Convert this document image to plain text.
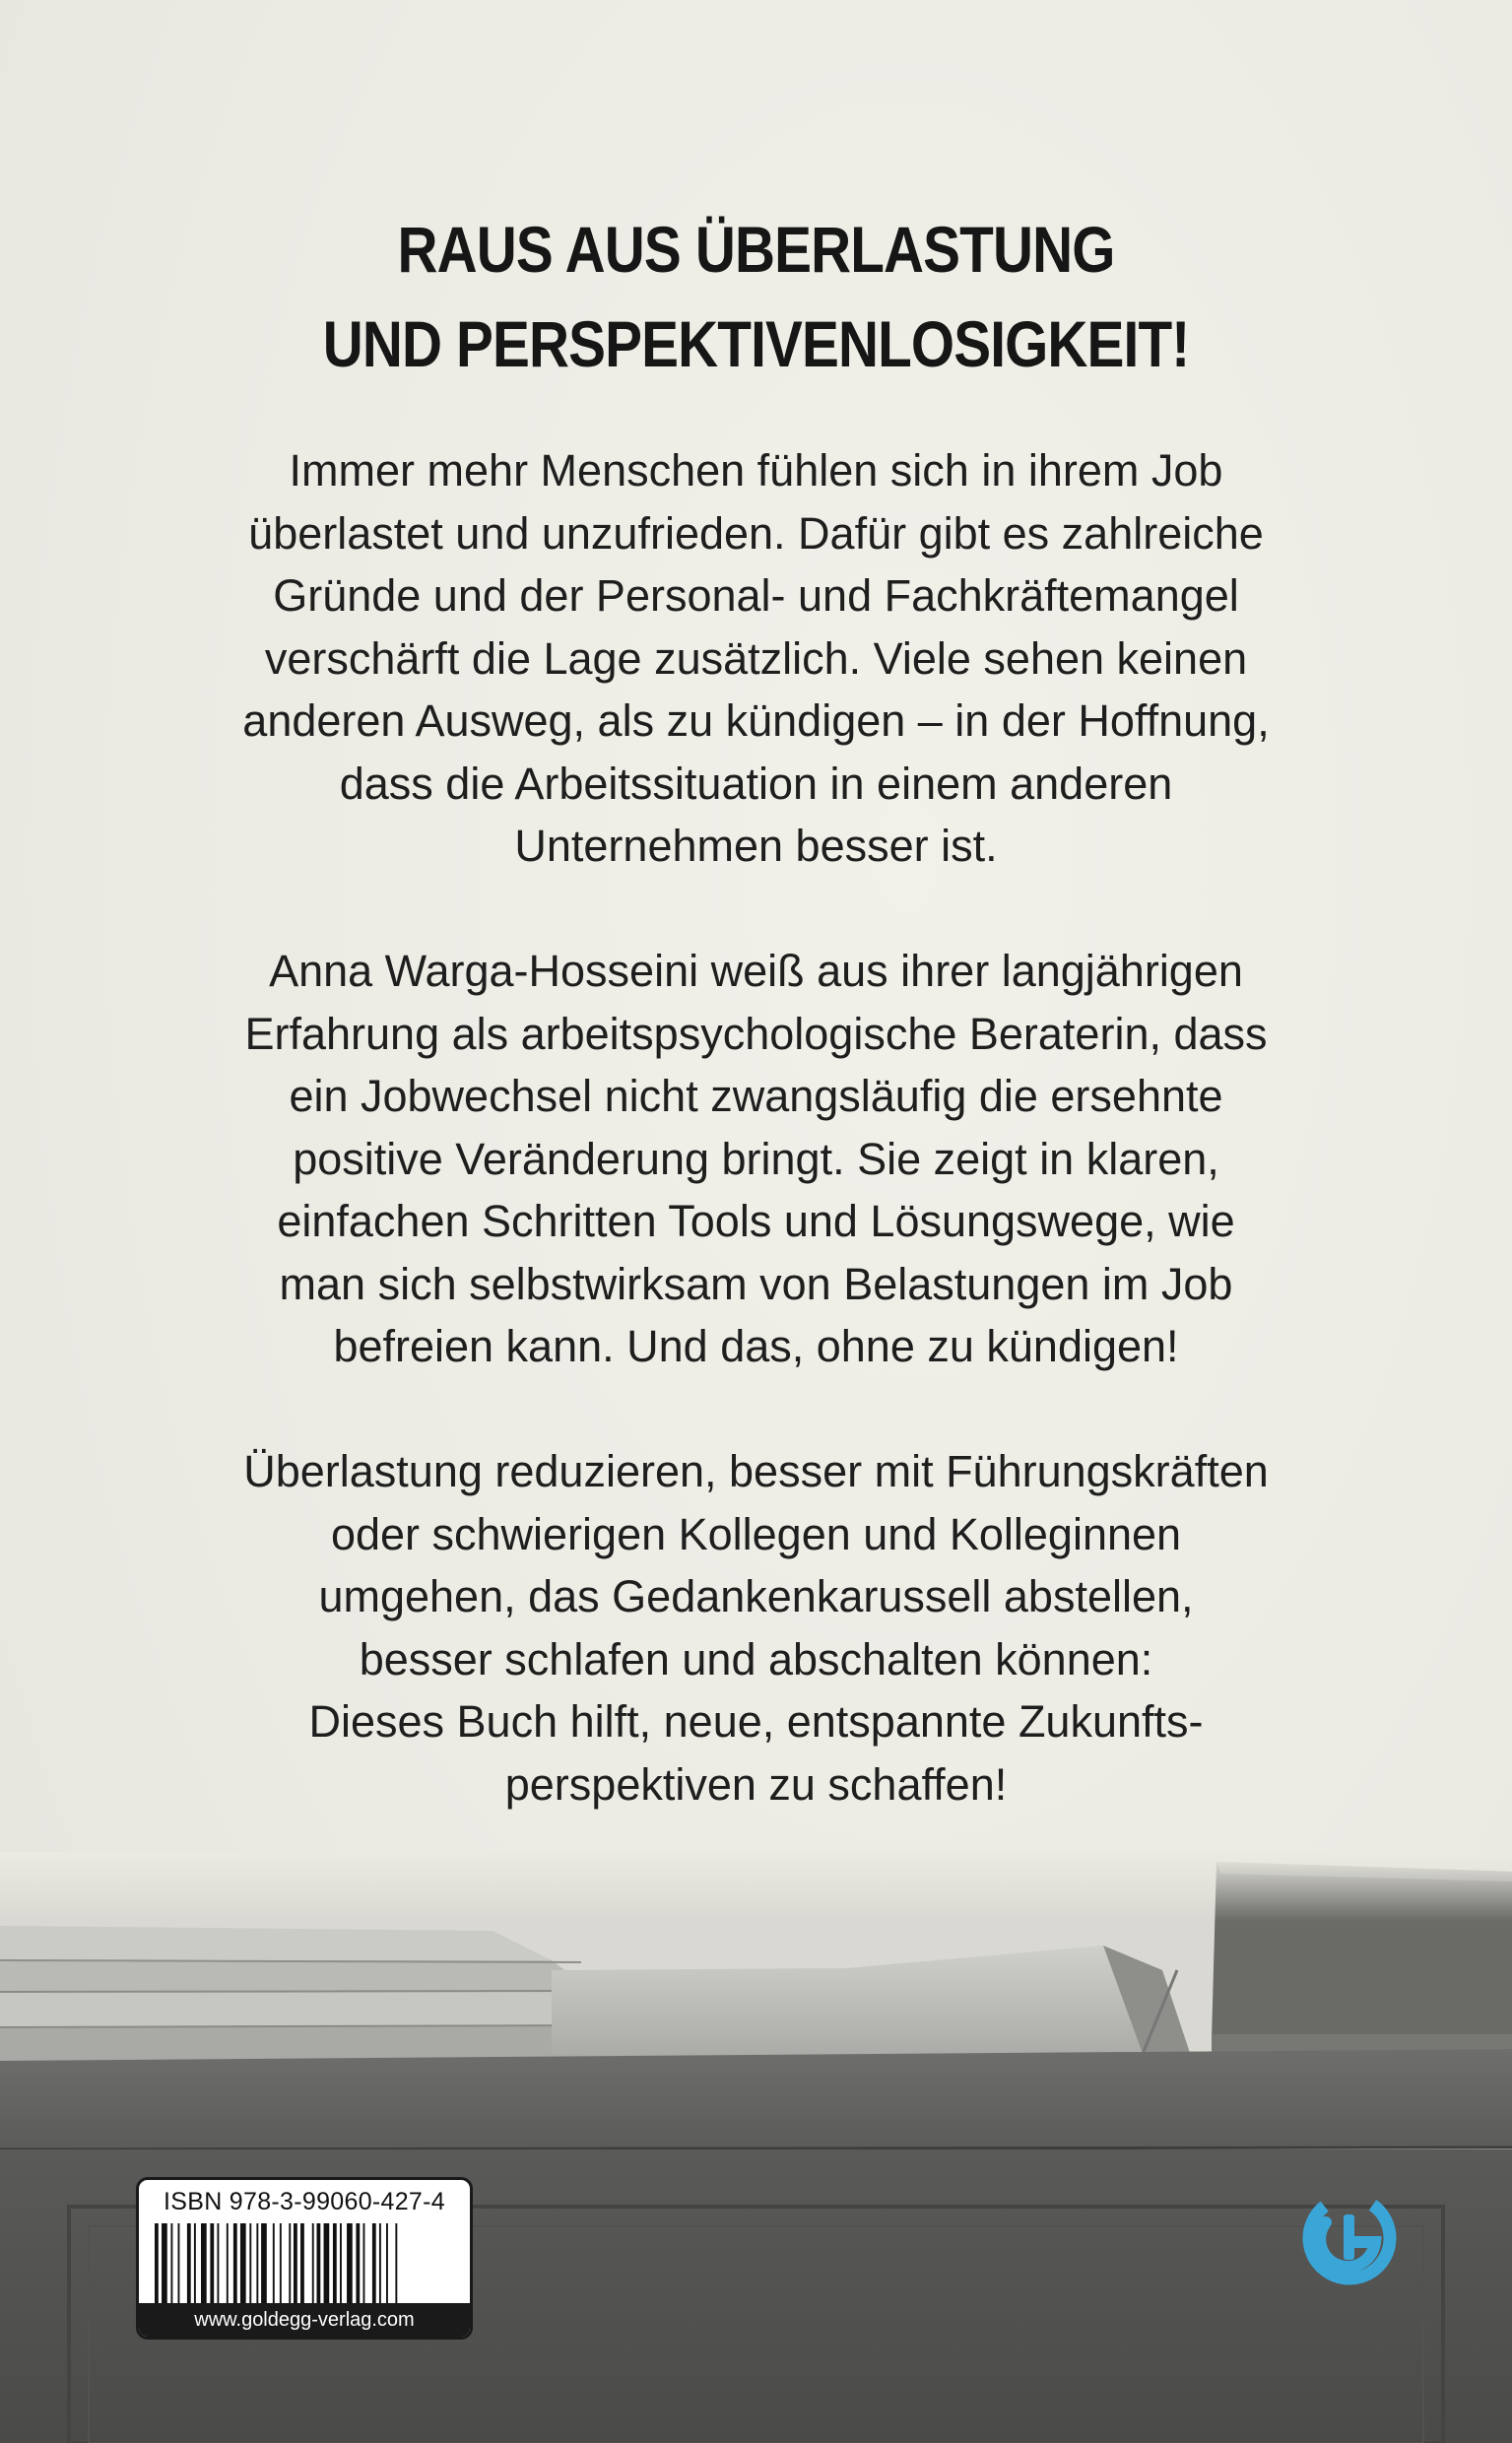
RAUS AUS ÜBERLASTUNG
UND PERSPEKTIVENLOSIGKEIT!

Immer mehr Menschen fühlen sich in ihrem Job
überlastet und unzufrieden. Dafür gibt es zahlreiche
Gründe und der Personal- und Fachkräftemangel
verschärft die Lage zusätzlich. Viele sehen keinen
anderen Ausweg, als zu kündigen – in der Hoffnung,
dass die Arbeitssituation in einem anderen
Unternehmen besser ist.

Anna Warga-Hosseini weiß aus ihrer langjährigen
Erfahrung als arbeitspsychologische Beraterin, dass
ein Jobwechsel nicht zwangsläufig die ersehnte
positive Veränderung bringt. Sie zeigt in klaren,
einfachen Schritten Tools und Lösungswege, wie
man sich selbstwirksam von Belastungen im Job
befreien kann. Und das, ohne zu kündigen!

Überlastung reduzieren, besser mit Führungskräften
oder schwierigen Kollegen und Kolleginnen
umgehen, das Gedankenkarussell abstellen,
besser schlafen und abschalten können:
Dieses Buch hilft, neue, entspannte Zukunfts-
perspektiven zu schaffen!

ISBN 978-3-99060-427-4
www.goldegg-verlag.com
